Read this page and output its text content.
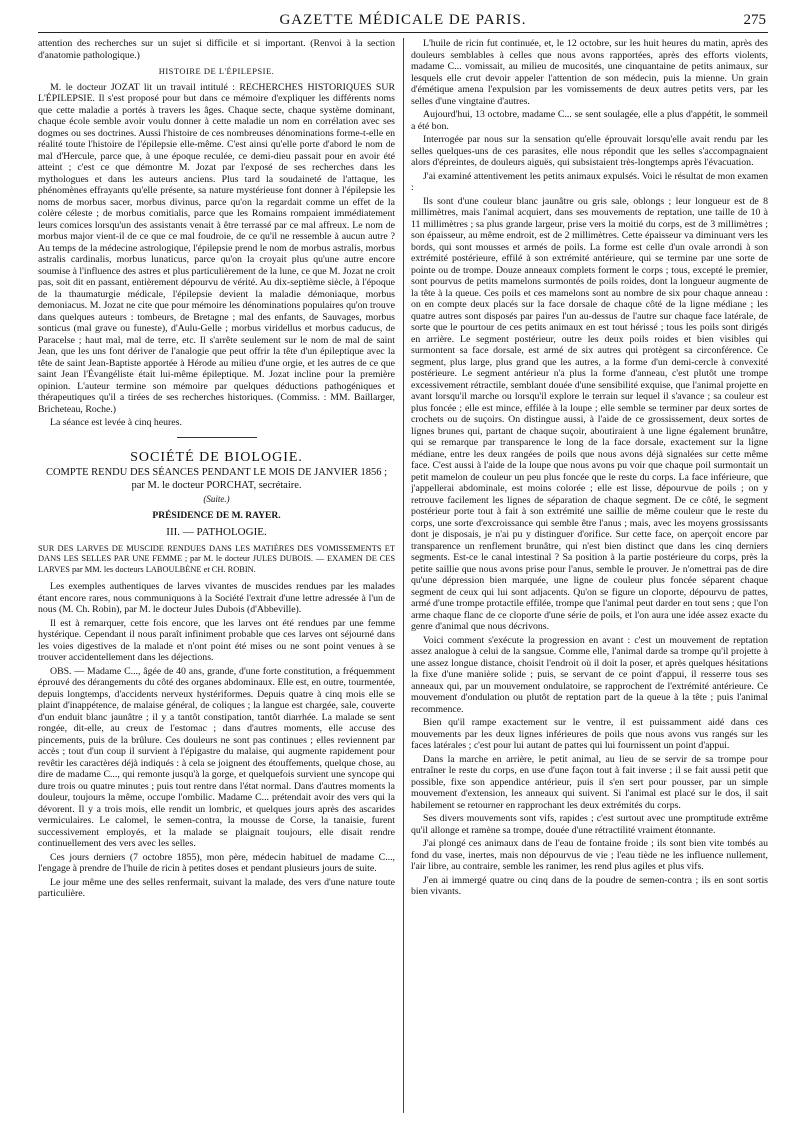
GAZETTE MÉDICALE DE PARIS.	275

attention des recherches sur un sujet si difficile et si important. (Renvoi à la section d'anatomie pathologique.)

HISTOIRE DE L'ÉPILEPSIE.

M. le docteur JOZAT lit un travail intitulé : RECHERCHES HISTORIQUES SUR L'ÉPILEPSIE. Il s'est proposé pour but dans ce mémoire d'expliquer les différents noms que cette maladie a portés à travers les âges. Chaque secte, chaque système dominant, chaque école semble avoir voulu donner à cette maladie un nom en corrélation avec ses dogmes ou ses doctrines. Aussi l'histoire de ces nombreuses dénominations forme-t-elle en réalité toute l'histoire de l'épilepsie elle-même. C'est ainsi qu'elle porte d'abord le nom de mal d'Hercule, parce que, à une époque reculée, ce demi-dieu passait pour en avoir été atteint ; c'est ce que démontre M. Jozat par l'exposé de ses recherches dans les mythologues et dans les auteurs anciens. Plus tard la soudaineté de l'attaque, les phénomènes effrayants qu'elle présente, sa nature mystérieuse font donner à l'épilepsie les noms de morbus sacer, morbus divinus, parce qu'on la regardait comme un effet de la colère céleste ; de morbus comitialis, parce que les Romains rompaient immédiatement leurs comices lorsqu'un des assistants venait à être terrassé par ce mal affreux. Le nom de morbus major vient-il de ce que ce mal foudroie, de ce qu'il ne ressemble à aucun autre ? Au temps de la médecine astrologique, l'épilepsie prend le nom de morbus astralis, morbus astralis cardinalis, morbus lunaticus, parce qu'on la croyait plus qu'une autre encore soumise à l'influence des astres et plus particulièrement de la lune, ce que M. Jozat ne croit pas, soit dit en passant, entièrement dépourvu de vérité. Au dix-septième siècle, à l'époque de la thaumaturgie médicale, l'épilepsie devient la maladie démoniaque, morbus demoniacus. M. Jozat ne cite que pour mémoire les dénominations populaires qu'on trouve dans quelques auteurs : tombeurs, de Bretagne ; mal des enfants, de Sauvages, morbus sonticus (mal grave ou funeste), d'Aulu-Gelle ; morbus viridellus et morbus caducus, de Paracelse ; haut mal, mal de terre, etc. Il s'arrête seulement sur le nom de mal de saint Jean, que les uns font dériver de l'analogie que peut offrir la tête d'un épileptique avec la tête de saint Jean-Baptiste apportée à Hérode au milieu d'une orgie, et les autres de ce que saint Jean l'Évangéliste était lui-même épileptique. M. Jozat incline pour la première opinion. L'auteur termine son mémoire par quelques déductions pathogéniques et thérapeutiques qu'il a tirées de ses recherches historiques. (Commiss. : MM. Baillarger, Bricheteau, Roche.)

La séance est levée à cinq heures.

SOCIÉTÉ DE BIOLOGIE.

COMPTE RENDU DES SÉANCES PENDANT LE MOIS DE JANVIER 1856 ; par M. le docteur PORCHAT, secrétaire.

(Suite.)

PRÉSIDENCE DE M. RAYER.

III. — PATHOLOGIE.

SUR DES LARVES DE MUSCIDE RENDUES DANS LES MATIÈRES DES VOMISSEMENTS ET DANS LES SELLES PAR UNE FEMME ; par M. le docteur JULES DUBOIS. — EXAMEN DE CES LARVES par MM. les docteurs LABOULBÈNE et CH. ROBIN.

Les exemples authentiques de larves vivantes de muscides rendues par les malades étant encore rares, nous communiquons à la Société l'extrait d'une lettre adressée à l'un de nous (M. Ch. Robin), par M. le docteur Jules Dubois (d'Abbeville).

Il est à remarquer, cette fois encore, que les larves ont été rendues par une femme hystérique. Cependant il nous paraît infiniment probable que ces larves ont séjourné dans les voies digestives de la malade et n'ont point été mises ou ne sont point venues à se trouver accidentellement dans les déjections.

OBS. — Madame C..., âgée de 40 ans, grande, d'une forte constitution, a fréquemment éprouvé des dérangements du côté des organes abdominaux. Elle est, en outre, tourmentée, depuis longtemps, d'accidents nerveux hystériformes. Depuis quatre à cinq mois elle se plaint d'inappétence, de malaise général, de coliques ; la langue est chargée, sale, couverte d'un enduit blanc jaunâtre ; il y a tantôt constipation, tantôt diarrhée. La malade se sent rongée, dit-elle, au creux de l'estomac ; dans d'autres moments, elle accuse des pincements, puis de la brûlure. Ces douleurs ne sont pas continues ; elles reviennent par accès ; tout d'un coup il survient à l'épigastre du malaise, qui augmente rapidement pour revêtir les caractères déjà indiqués : à cela se joignent des étouffements, quelque chose, au dire de madame C..., qui remonte jusqu'à la gorge, et quelquefois survient une syncope qui dure trois ou quatre minutes ; puis tout rentre dans l'état normal. Dans d'autres moments la douleur, toujours la même, occupe l'ombilic. Madame C... prétendait avoir des vers qui la dévorent. Il y a trois mois, elle rendit un lombric, et quelques jours après des ascarides vermiculaires. Le calomel, le semen-contra, la mousse de Corse, la tanaisie, furent successivement employés, et la malade se plaignait toujours, elle disait rendre continuellement des vers avec les selles.

Ces jours derniers (7 octobre 1855), mon père, médecin habituel de madame C..., l'engage à prendre de l'huile de ricin à petites doses et pendant plusieurs jours de suite.

Le jour même une des selles renfermait, suivant la malade, des vers d'une nature toute particulière.

L'huile de ricin fut continuée, et, le 12 octobre, sur les huit heures du matin, après des douleurs semblables à celles que nous avons rapportées, après des efforts violents, madame C... vomissait, au milieu de mucosités, une cinquantaine de petits animaux, sur lesquels elle crut devoir appeler l'attention de son médecin, puis la mienne. Un grain d'émétique amena l'expulsion par les vomissements de deux autres petits vers, par les selles d'une vingtaine d'autres.

Aujourd'hui, 13 octobre, madame C... se sent soulagée, elle a plus d'appétit, le sommeil a été bon.

Interrogée par nous sur la sensation qu'elle éprouvait lorsqu'elle avait rendu par les selles quelques-uns de ces parasites, elle nous répondit que les selles s'accompagnaient alors d'épreintes, de douleurs aiguës, qui subsistaient très-longtemps après l'évacuation.

J'ai examiné attentivement les petits animaux expulsés. Voici le résultat de mon examen :

Ils sont d'une couleur blanc jaunâtre ou gris sale, oblongs ; leur longueur est de 8 millimètres, mais l'animal acquiert, dans ses mouvements de reptation, une taille de 10 à 11 millimètres ; sa plus grande largeur, prise vers la moitié du corps, est de 3 millimètres ; son épaisseur, au même endroit, est de 2 millimètres. Cette épaisseur va diminuant vers les bords, qui sont mousses et armés de poils. La forme est celle d'un ovale arrondi à son extrémité postérieure, effilé à son extrémité antérieure, qui se termine par une sorte de pointe ou de trompe. Douze anneaux complets forment le corps ; tous, excepté le premier, sont pourvus de petits mamelons surmontés de poils roides, dont la longueur augmente de la tête à la queue. Ces poils et ces mamelons sont au nombre de six pour chaque anneau : on en compte deux placés sur la face dorsale de chaque côté de la ligne médiane ; les quatre autres sont disposés par paires l'un au-dessus de l'autre sur chaque face latérale, de sorte que le pourtour de ces petits animaux en est tout hérissé ; tous les poils sont dirigés en arrière. Le segment postérieur, outre les deux poils roides et bien visibles qui surmontent sa face dorsale, est armé de six autres qui protègent sa circonférence. Ce segment, plus large, plus grand que les autres, a la forme d'un demi-cercle à convexité postérieure. Le segment antérieur n'a plus la forme d'anneau, c'est plutôt une trompe excessivement rétractile, semblant douée d'une sensibilité exquise, que l'animal projette en avant lorsqu'il marche ou lorsqu'il explore le terrain sur lequel il s'avance ; sa couleur est plus foncée ; elle est mince, effilée à la loupe ; elle semble se terminer par deux sortes de crochets ou de suçoirs. On distingue aussi, à l'aide de ce grossissement, deux sortes de lignes brunes qui, partant de chaque suçoir, aboutiraient à une ligne également brunâtre, qui se remarque par transparence le long de la face dorsale, exactement sur la ligne médiane, entre les deux rangées de poils que nous avons déjà signalées sur cette même face. C'est aussi à l'aide de la loupe que nous avons pu voir que chaque poil surmontait un petit mamelon de couleur un peu plus foncée que le reste du corps. La face inférieure, que j'appellerai abdominale, est moins colorée ; elle est lisse, dépourvue de poils ; on y retrouve facilement les lignes de séparation de chaque segment. De ce côté, le segment postérieur porte tout à fait à son extrémité une saillie de même couleur que le reste du corps, une sorte d'excroissance qui semble être l'anus ; mais, avec les moyens grossissants dont je disposais, je n'ai pu y distinguer d'orifice. Sur cette face, on aperçoit encore par transparence un renflement brunâtre, qui n'est bien distinct que dans les cinq derniers segments. Est-ce le canal intestinal ? Sa position à la partie postérieure du corps, près la petite saillie que nous avons prise pour l'anus, semble le prouver. Je n'omettrai pas de dire qu'une dépression bien marquée, une ligne de couleur plus foncée séparent chaque segment de ceux qui lui sont adjacents. Qu'on se figure un cloporte, dépourvu de pattes, armé d'une trompe protactile effilée, trompe que l'animal peut darder en tout sens ; que l'on arme chaque flanc de ce cloporte d'une série de poils, et l'on aura une idée assez exacte du genre d'animal que nous décrivons.

Voici comment s'exécute la progression en avant : c'est un mouvement de reptation assez analogue à celui de la sangsue. Comme elle, l'animal darde sa trompe qu'il projette à une assez longue distance, choisit l'endroit où il doit la poser, et après quelques hésitations la fixe d'une manière solide ; puis, se servant de ce point d'appui, il resserre tous ses anneaux qui, par un mouvement ondulatoire, se rapprochent de l'extrémité antérieure. Ce mouvement d'ondulation ou plutôt de reptation part de la queue à la tête ; puis l'animal recommence.

Bien qu'il rampe exactement sur le ventre, il est puissamment aidé dans ces mouvements par les deux lignes inférieures de poils que nous avons vus rangés sur les faces latérales ; c'est pour lui autant de pattes qui lui fournissent un point d'appui.

Dans la marche en arrière, le petit animal, au lieu de se servir de sa trompe pour entraîner le reste du corps, en use d'une façon tout à fait inverse ; il se fait aussi petit que possible, fixe son appendice antérieur, puis il s'en sert pour pousser, par un simple mouvement d'extension, les anneaux qui suivent. Si l'animal est placé sur le dos, il sait habilement se retourner en rapprochant les deux extrémités du corps.

Ses divers mouvements sont vifs, rapides ; c'est surtout avec une promptitude extrême qu'il allonge et ramène sa trompe, douée d'une rétractilité vraiment étonnante.

J'ai plongé ces animaux dans de l'eau de fontaine froide ; ils sont bien vite tombés au fond du vase, inertes, mais non dépourvus de vie ; l'eau tiède ne les influence nullement, l'air libre, au contraire, semble les ranimer, les rend plus agiles et plus vifs.

J'en ai immergé quatre ou cinq dans de la poudre de semen-contra ; ils en sont sortis bien vivants.
